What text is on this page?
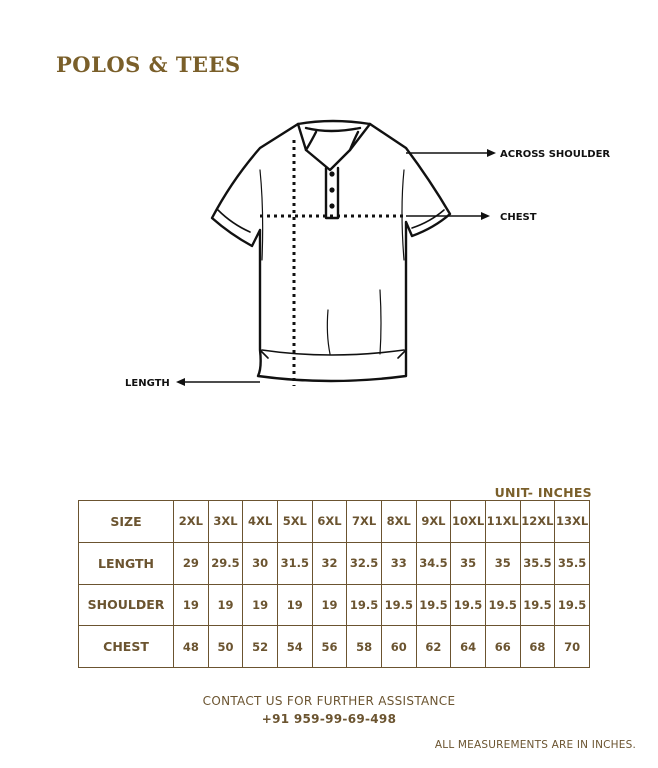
POLOS & TEES
ACROSS SHOULDER
CHEST
LENGTH
UNIT- INCHES
SIZE	2XL	3XL	4XL	5XL	6XL	7XL	8XL	9XL	10XL	11XL	12XL	13XL
LENGTH	29	29.5	30	31.5	32	32.5	33	34.5	35	35	35.5	35.5
SHOULDER	19	19	19	19	19	19.5	19.5	19.5	19.5	19.5	19.5	19.5
CHEST	48	50	52	54	56	58	60	62	64	66	68	70
CONTACT US FOR FURTHER ASSISTANCE
+91 959-99-69-498
ALL MEASUREMENTS ARE IN INCHES.
